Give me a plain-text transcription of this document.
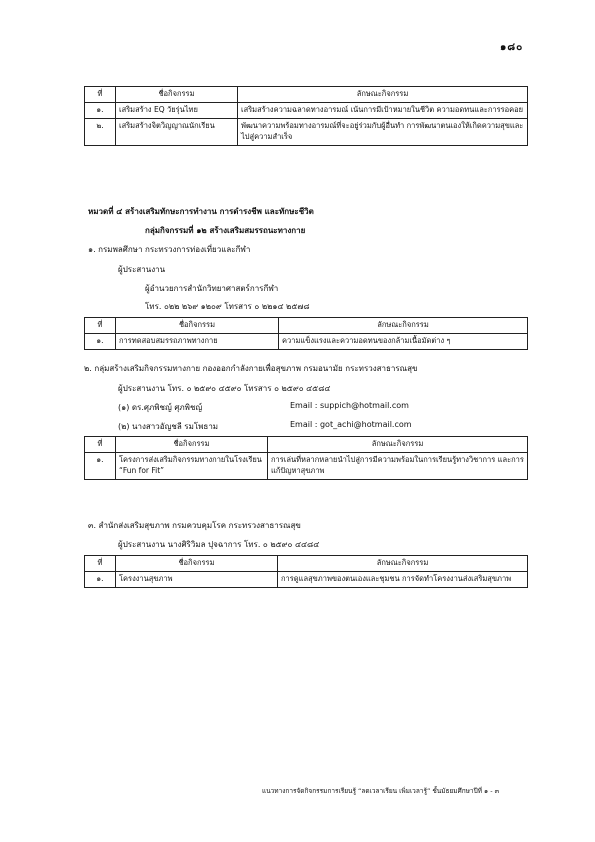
๑๘๐
ที่	ชื่อกิจกรรม	ลักษณะกิจกรรม
๑.	เสริมสร้าง EQ วัยรุ่นไทย	เสริมสร้างความฉลาดทางอารมณ์ เน้นการมีเป้าหมายในชีวิต ความอดทนและการรอคอย
๒.	เสริมสร้างจิตวิญญาณนักเรียน	พัฒนาความพร้อมทางอารมณ์ที่จะอยู่ร่วมกับผู้อื่นทำ การพัฒนาตนเองให้เกิดความสุขและไปสู่ความสำเร็จ
หมวดที่ ๔ สร้างเสริมทักษะการทำงาน การดำรงชีพ และทักษะชีวิต
กลุ่มกิจกรรมที่ ๑๒ สร้างเสริมสมรรถนะทางกาย
๑. กรมพลศึกษา กระทรวงการท่องเที่ยวและกีฬา
ผู้ประสานงาน
ผู้อำนวยการสำนักวิทยาศาสตร์การกีฬา
โทร. ๐๒๒ ๒๖๙ ๑๒๐๙ โทรสาร ๐ ๒๒๑๔ ๒๕๗๘
ที่	ชื่อกิจกรรม	ลักษณะกิจกรรม
๑.	การทดสอบสมรรถภาพทางกาย	ความแข็งแรงและความอดทนของกล้ามเนื้อมัดต่าง ๆ
๒. กลุ่มสร้างเสริมกิจกรรมทางกาย กองออกกำลังกายเพื่อสุขภาพ กรมอนามัย กระทรวงสาธารณสุข
ผู้ประสานงาน โทร. ๐ ๒๕๙๐ ๔๕๙๐ โทรสาร ๐ ๒๕๙๐ ๔๕๘๔
(๑) ดร.ศุภพิชญ์ ศุภพิชญ์	Email : suppich@hotmail.com
(๒) นางสาวอัญชลี รมโพธาม	Email : got_achi@hotmail.com
ที่	ชื่อกิจกรรม	ลักษณะกิจกรรม
๑.	โครงการส่งเสริมกิจกรรมทางกายในโรงเรียน “Fun for Fit”	การเล่นที่หลากหลายนำไปสู่การมีความพร้อมในการเรียนรู้ทางวิชาการ และการแก้ปัญหาสุขภาพ
๓. สำนักส่งเสริมสุขภาพ กรมควบคุมโรค กระทรวงสาธารณสุข
ผู้ประสานงาน นางศิริวิมล ปุจฉาการ โทร. ๐ ๒๕๙๐ ๔๔๘๔
ที่	ชื่อกิจกรรม	ลักษณะกิจกรรม
๑.	โครงงานสุขภาพ	การดูแลสุขภาพของตนเองและชุมชน การจัดทำโครงงานส่งเสริมสุขภาพ
แนวทางการจัดกิจกรรมการเรียนรู้ “ลดเวลาเรียน เพิ่มเวลารู้” ชั้นมัธยมศึกษาปีที่ ๑ - ๓
